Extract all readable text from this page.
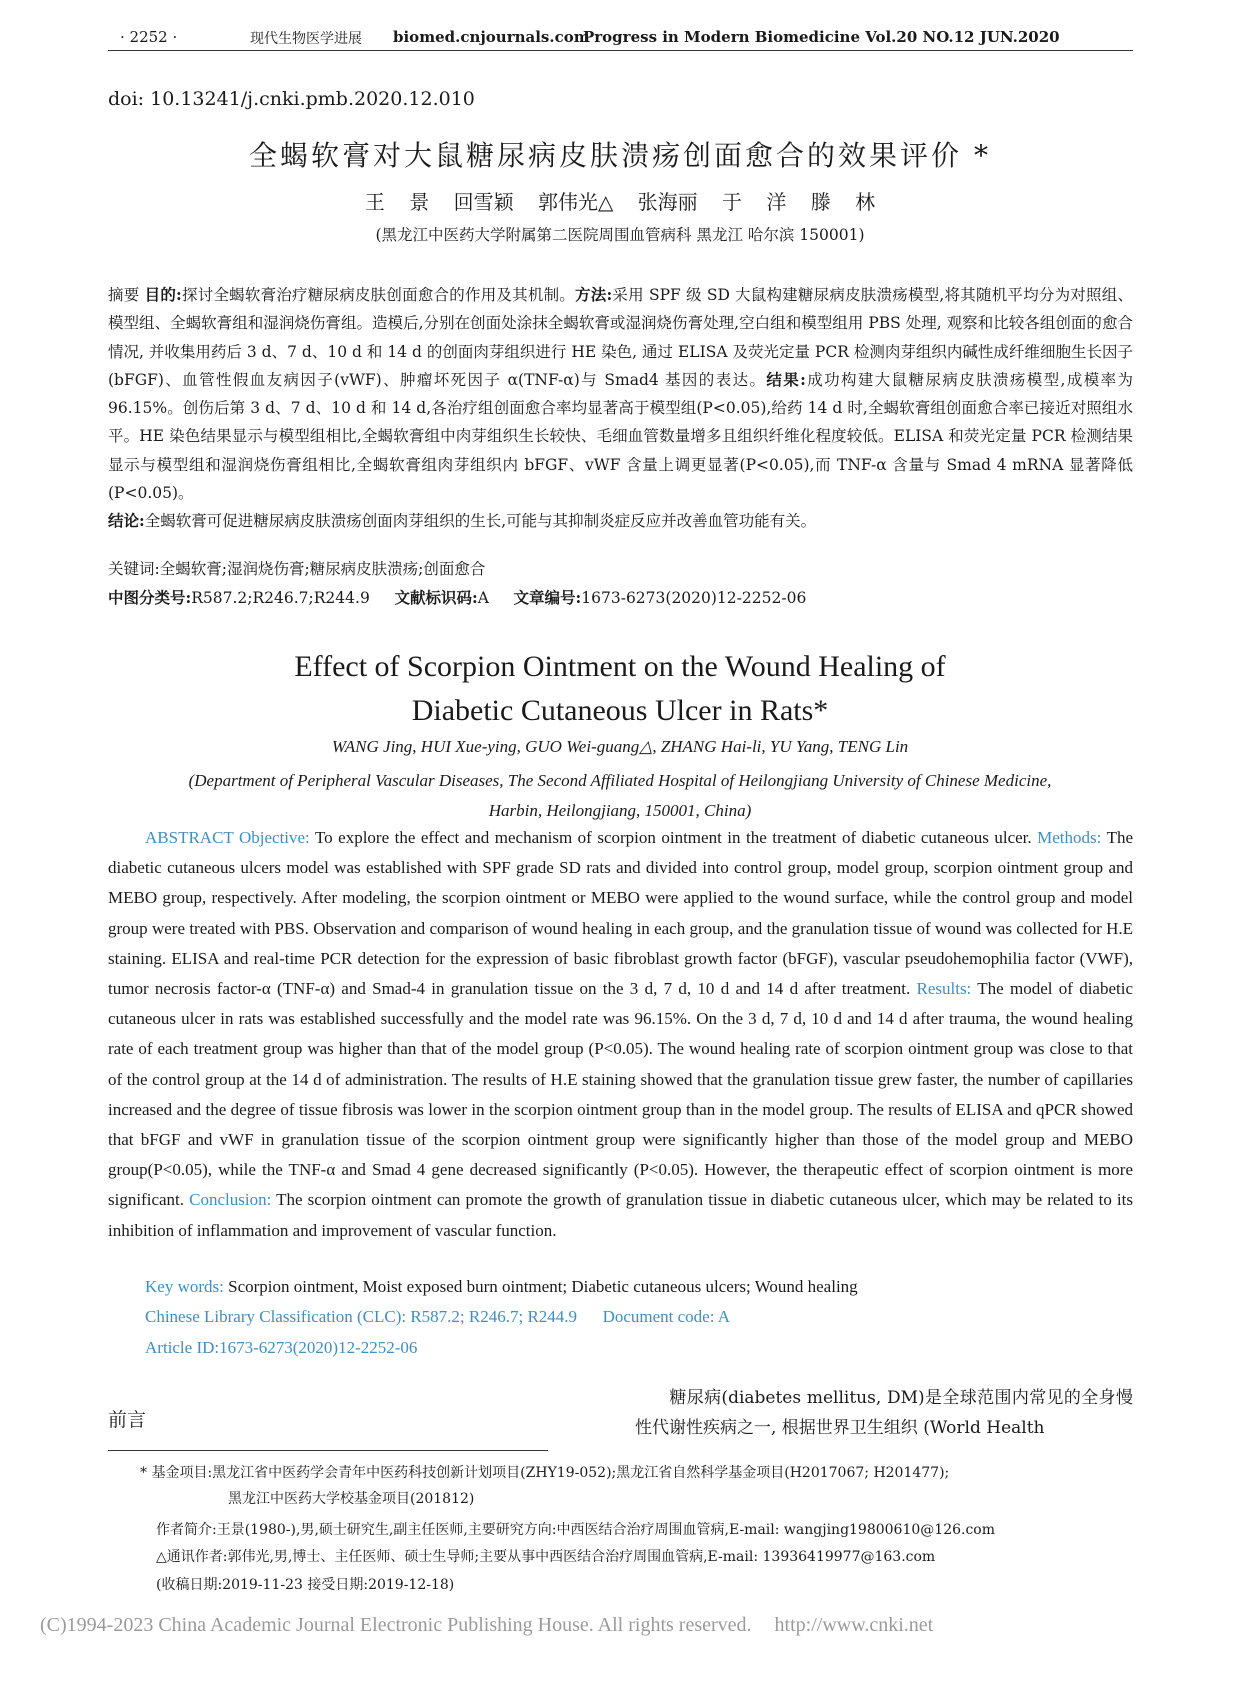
· 2252 ·	现代生物医学进展 biomed.cnjournals.com
Progress in Modern Biomedicine Vol.20 NO.12 JUN.2020
doi: 10.13241/j.cnki.pmb.2020.12.010
全蝎软膏对大鼠糖尿病皮肤溃疡创面愈合的效果评价 *
王 景 回雪颖 郭伟光△ 张海丽 于 洋 滕 林
(黑龙江中医药大学附属第二医院周围血管病科 黑龙江 哈尔滨 150001)
摘要 目的:探讨全蝎软膏治疗糖尿病皮肤创面愈合的作用及其机制。方法:采用 SPF 级 SD 大鼠构建糖尿病皮肤溃疡模型,将其随机平均分为对照组、模型组、全蝎软膏组和湿润烧伤膏组。造模后,分别在创面处涂抹全蝎软膏或湿润烧伤膏处理,空白组和模型组用 PBS 处理, 观察和比较各组创面的愈合情况, 并收集用药后 3 d、7 d、10 d 和 14 d 的创面肉芽组织进行 HE 染色, 通过 ELISA 及荧光定量 PCR 检测肉芽组织内碱性成纤维细胞生长因子(bFGF)、血管性假血友病因子(vWF)、肿瘤坏死因子 α(TNF-α)与 Smad4 基因的表达。结果:成功构建大鼠糖尿病皮肤溃疡模型,成模率为 96.15%。创伤后第 3 d、7 d、10 d 和 14 d,各治疗组创面愈合率均显著高于模型组(P<0.05),给药 14 d 时,全蝎软膏组创面愈合率已接近对照组水平。HE 染色结果显示与模型组相比,全蝎软膏组中肉芽组织生长较快、毛细血管数量增多且组织纤维化程度较低。ELISA 和荧光定量 PCR 检测结果显示与模型组和湿润烧伤膏组相比,全蝎软膏组肉芽组织内 bFGF、vWF 含量上调更显著(P<0.05),而 TNF-α 含量与 Smad 4 mRNA 显著降低(P<0.05)。
结论:全蝎软膏可促进糖尿病皮肤溃疡创面肉芽组织的生长,可能与其抑制炎症反应并改善血管功能有关。
关键词:全蝎软膏;湿润烧伤膏;糖尿病皮肤溃疡;创面愈合
中图分类号:R587.2;R246.7;R244.9 文献标识码:A 文章编号:1673-6273(2020)12-2252-06
Effect of Scorpion Ointment on the Wound Healing of
Diabetic Cutaneous Ulcer in Rats*
WANG Jing, HUI Xue-ying, GUO Wei-guang△, ZHANG Hai-li, YU Yang, TENG Lin
(Department of Peripheral Vascular Diseases, The Second Affiliated Hospital of Heilongjiang University of Chinese Medicine,
Harbin, Heilongjiang, 150001, China)
ABSTRACT Objective: To explore the effect and mechanism of scorpion ointment in the treatment of diabetic cutaneous ulcer. Methods: The diabetic cutaneous ulcers model was established with SPF grade SD rats and divided into control group, model group, scorpion ointment group and MEBO group, respectively. After modeling, the scorpion ointment or MEBO were applied to the wound surface, while the control group and model group were treated with PBS. Observation and comparison of wound healing in each group, and the granulation tissue of wound was collected for H.E staining. ELISA and real-time PCR detection for the expression of basic fibroblast growth factor (bFGF), vascular pseudohemophilia factor (VWF), tumor necrosis factor-α (TNF-α) and Smad-4 in granulation tissue on the 3 d, 7 d, 10 d and 14 d after treatment. Results: The model of diabetic cutaneous ulcer in rats was established successfully and the model rate was 96.15%. On the 3 d, 7 d, 10 d and 14 d after trauma, the wound healing rate of each treatment group was higher than that of the model group (P<0.05). The wound healing rate of scorpion ointment group was close to that of the control group at the 14 d of administration. The results of H.E staining showed that the granulation tissue grew faster, the number of capillaries increased and the degree of tissue fibrosis was lower in the scorpion ointment group than in the model group. The results of ELISA and qPCR showed that bFGF and vWF in granulation tissue of the scorpion ointment group were significantly higher than those of the model group and MEBO group(P<0.05), while the TNF-α and Smad 4 gene decreased significantly (P<0.05). However, the therapeutic effect of scorpion ointment is more significant. Conclusion: The scorpion ointment can promote the growth of granulation tissue in diabetic cutaneous ulcer, which may be related to its inhibition of inflammation and improvement of vascular function.
Key words: Scorpion ointment, Moist exposed burn ointment; Diabetic cutaneous ulcers; Wound healing
Chinese Library Classification (CLC): R587.2; R246.7; R244.9 Document code: A
Article ID:1673-6273(2020)12-2252-06
前言
糖尿病(diabetes mellitus, DM)是全球范围内常见的全身慢性代谢性疾病之一, 根据世界卫生组织 (World Health
* 基金项目:黑龙江省中医药学会青年中医药科技创新计划项目(ZHY19-052);黑龙江省自然科学基金项目(H2017067; H201477);
黑龙江中医药大学校基金项目(201812)
作者简介:王景(1980-),男,硕士研究生,副主任医师,主要研究方向:中西医结合治疗周围血管病,E-mail: wangjing19800610@126.com
△通讯作者:郭伟光,男,博士、主任医师、硕士生导师;主要从事中西医结合治疗周围血管病,E-mail: 13936419977@163.com
(收稿日期:2019-11-23 接受日期:2019-12-18)
(C)1994-2023 China Academic Journal Electronic Publishing House. All rights reserved. http://www.cnki.net
